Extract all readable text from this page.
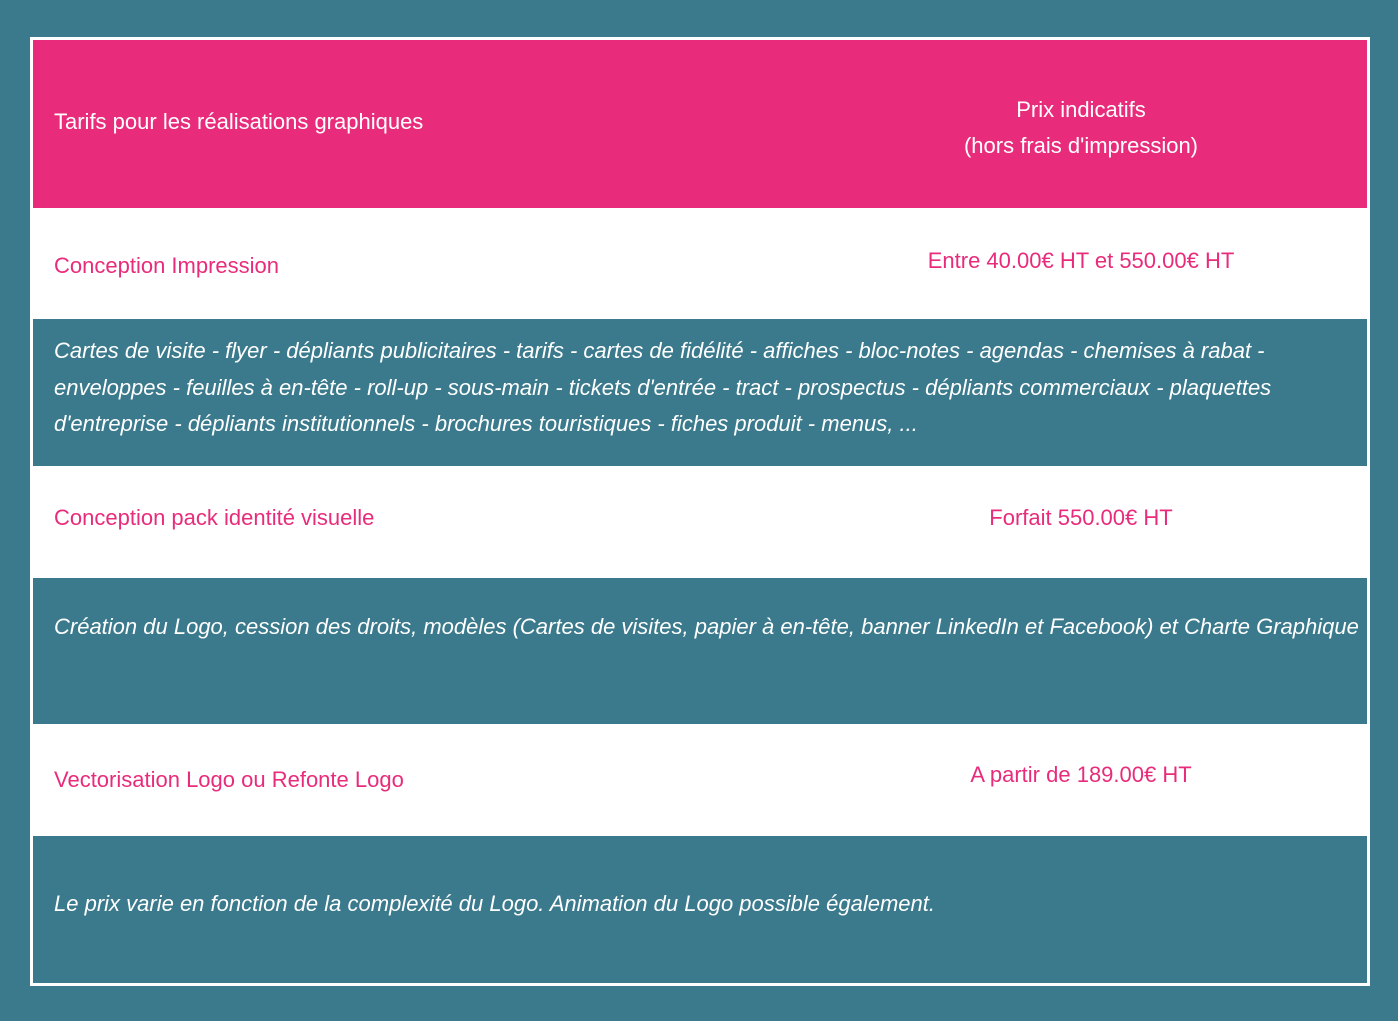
Tarifs pour les réalisations graphiques	Prix indicatifs
(hors frais d'impression)
Conception Impression	Entre 40.00€ HT et 550.00€ HT

Cartes de visite - flyer - dépliants publicitaires - tarifs - cartes de fidélité - affiches - bloc-notes - agendas - chemises à rabat - enveloppes - feuilles à en-tête - roll-up - sous-main - tickets d'entrée - tract - prospectus - dépliants commerciaux - plaquettes d'entreprise - dépliants institutionnels - brochures touristiques - fiches produit - menus, ...

Conception pack identité visuelle	Forfait 550.00€ HT

Création du Logo, cession des droits, modèles (Cartes de visites, papier à en-tête, banner LinkedIn et Facebook) et Charte Graphique

Vectorisation Logo ou Refonte Logo	A partir de 189.00€ HT

Le prix varie en fonction de la complexité du Logo. Animation du Logo possible également.
